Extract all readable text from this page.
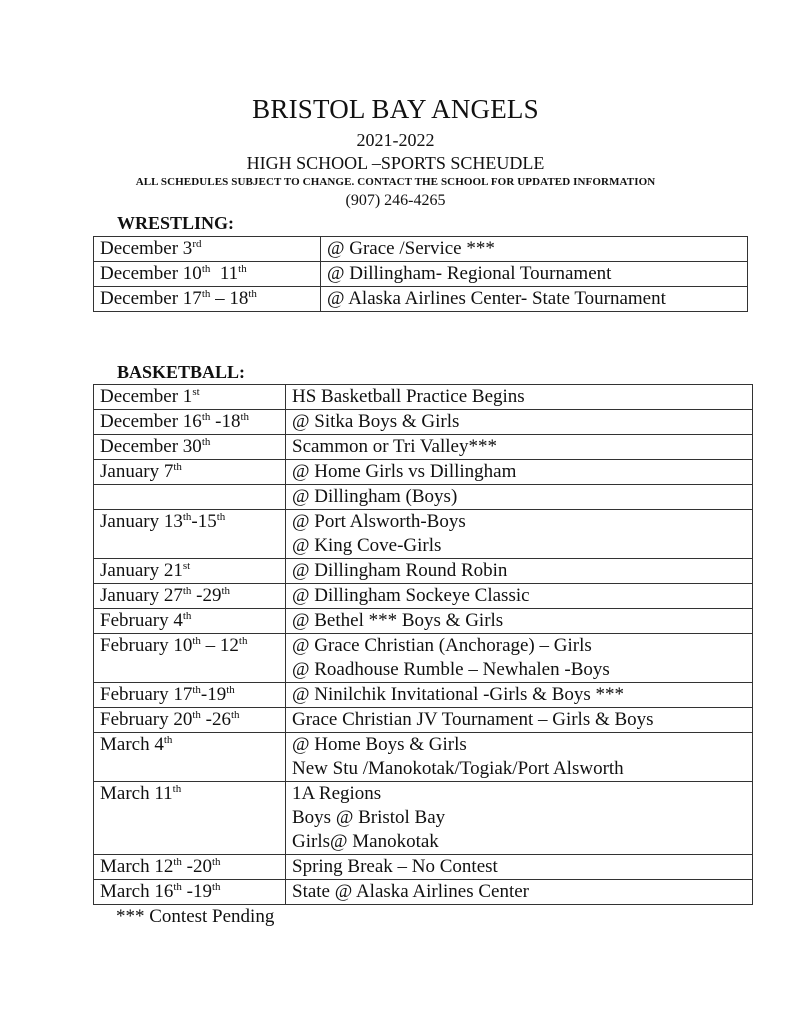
BRISTOL BAY ANGELS
2021-2022
HIGH SCHOOL –SPORTS SCHEUDLE
ALL SCHEDULES SUBJECT TO CHANGE. CONTACT THE SCHOOL FOR UPDATED INFORMATION
(907) 246-4265
WRESTLING:
December 3rd	@ Grace /Service ***

December 10th  11th	@ Dillingham- Regional Tournament

December 17th – 18th	@ Alaska Airlines Center- State Tournament
BASKETBALL:
December 1st	HS Basketball Practice Begins

December 16th -18th	@ Sitka Boys & Girls

December 30th	Scammon or Tri Valley***

January 7th	@ Home Girls vs Dillingham

	@ Dillingham (Boys)

January 13th-15th	@ Port Alsworth-Boys
@ King Cove-Girls

January 21st	@ Dillingham Round Robin

January 27th -29th	@ Dillingham Sockeye Classic

February 4th	@ Bethel *** Boys & Girls

February 10th – 12th	@ Grace Christian (Anchorage) – Girls
@ Roadhouse Rumble – Newhalen -Boys

February 17th-19th	@ Ninilchik Invitational -Girls & Boys ***

February 20th -26th	Grace Christian JV Tournament – Girls & Boys

March 4th	@ Home Boys & Girls
New Stu /Manokotak/Togiak/Port Alsworth

March 11th	1A Regions
Boys @ Bristol Bay
Girls@ Manokotak

March 12th -20th	Spring Break – No Contest

March 16th -19th	State @ Alaska Airlines Center
*** Contest Pending
